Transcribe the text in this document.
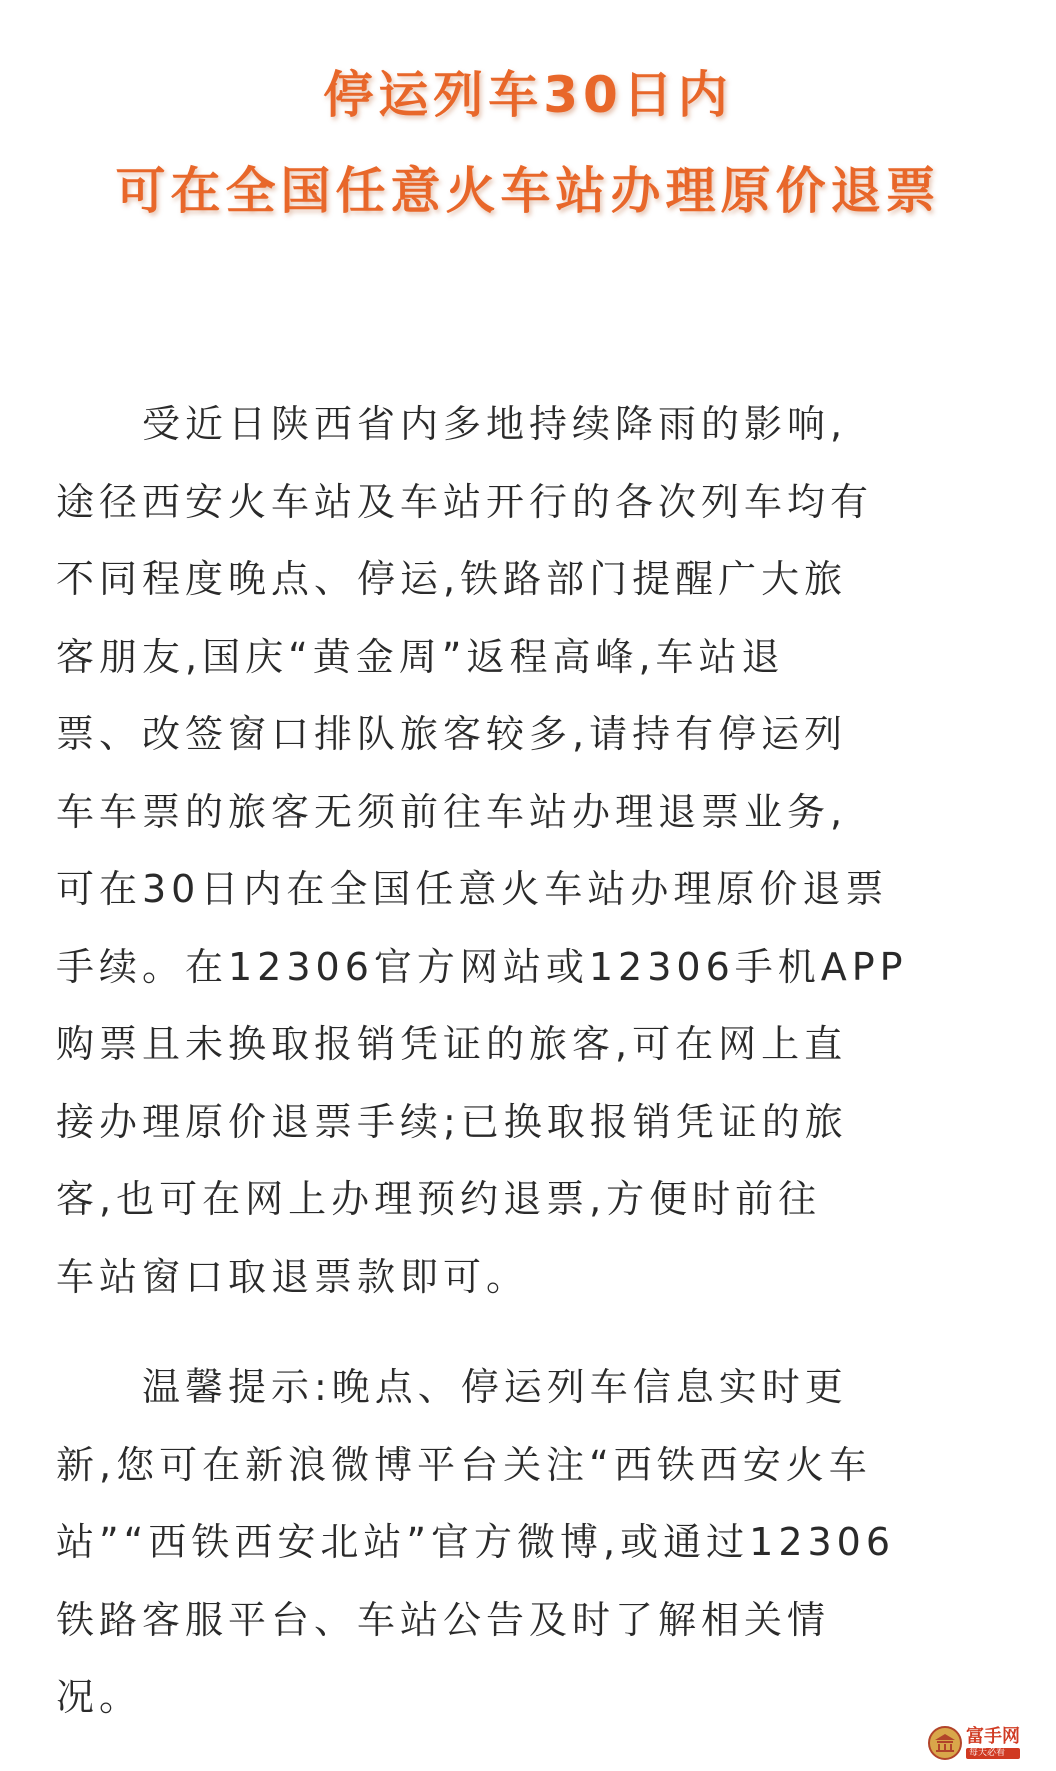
停运列车30日内
可在全国任意火车站办理原价退票

受近日陕西省内多地持续降雨的影响,
途径西安火车站及车站开行的各次列车均有
不同程度晚点、停运,铁路部门提醒广大旅
客朋友,国庆“黄金周”返程高峰,车站退
票、改签窗口排队旅客较多,请持有停运列
车车票的旅客无须前往车站办理退票业务,
可在30日内在全国任意火车站办理原价退票
手续。在12306官方网站或12306手机APP
购票且未换取报销凭证的旅客,可在网上直
接办理原价退票手续;已换取报销凭证的旅
客,也可在网上办理预约退票,方便时前往
车站窗口取退票款即可。

温馨提示:晚点、停运列车信息实时更
新,您可在新浪微博平台关注“西铁西安火车
站”“西铁西安北站”官方微博,或通过12306
铁路客服平台、车站公告及时了解相关情
况。

富手网
每天必看
